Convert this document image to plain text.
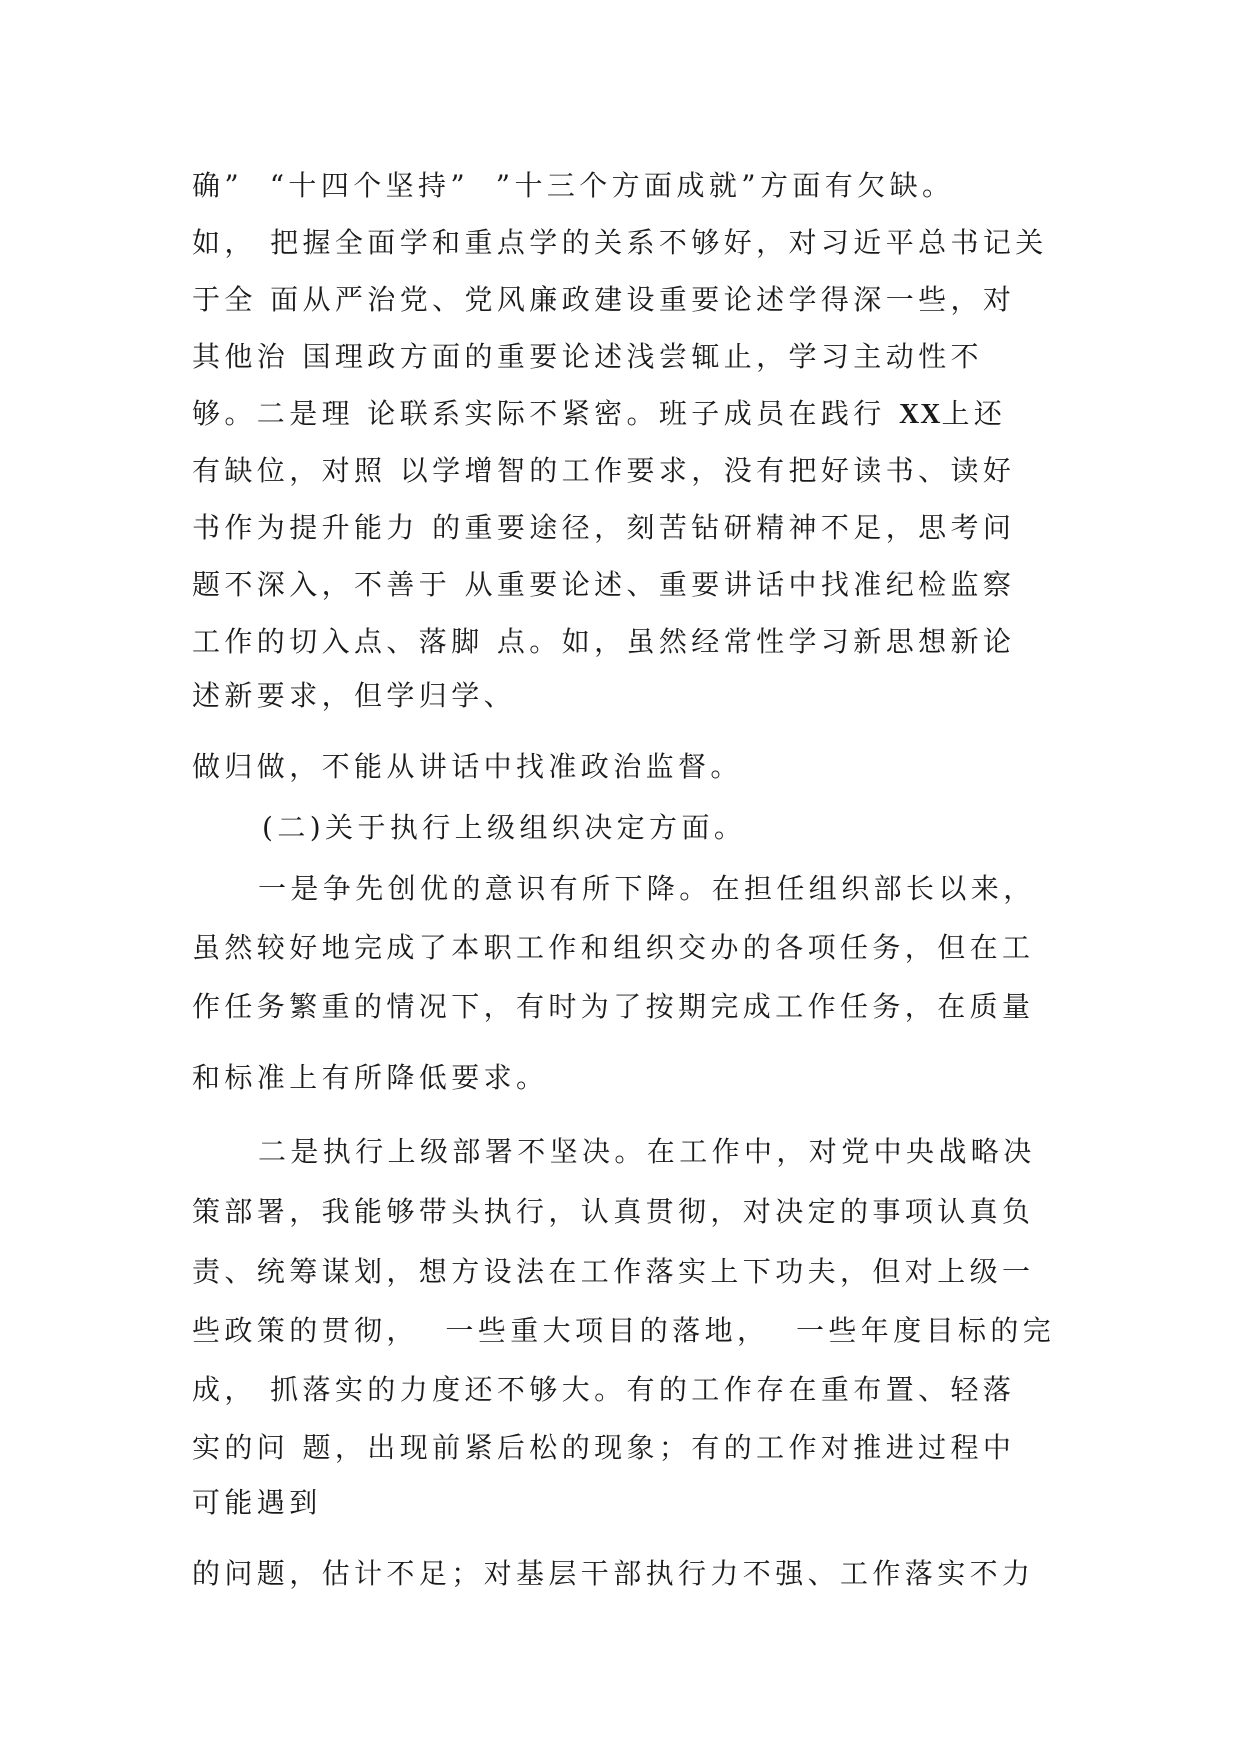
确”  “十四个坚持”  ”十三个方面成就”方面有欠缺。
如， 把握全面学和重点学的关系不够好，对习近平总书记关
于全 面从严治党、党风廉政建设重要论述学得深一些，对
其他治 国理政方面的重要论述浅尝辄止，学习主动性不
够。二是理 论联系实际不紧密。班子成员在践行 XX上还
有缺位，对照 以学增智的工作要求，没有把好读书、读好
书作为提升能力 的重要途径，刻苦钻研精神不足，思考问
题不深入，不善于 从重要论述、重要讲话中找准纪检监察
工作的切入点、落脚 点。如，虽然经常性学习新思想新论
述新要求，但学归学、
做归做，不能从讲话中找准政治监督。
(二)关于执行上级组织决定方面。
一是争先创优的意识有所下降。在担任组织部长以来，
虽然较好地完成了本职工作和组织交办的各项任务，但在工
作任务繁重的情况下，有时为了按期完成工作任务，在质量
和标准上有所降低要求。
二是执行上级部署不坚决。在工作中，对党中央战略决
策部署，我能够带头执行，认真贯彻，对决定的事项认真负
责、统筹谋划，想方设法在工作落实上下功夫，但对上级一
些政策的贯彻，  一些重大项目的落地，  一些年度目标的完
成， 抓落实的力度还不够大。有的工作存在重布置、轻落
实的问 题，出现前紧后松的现象；有的工作对推进过程中
可能遇到
的问题，估计不足；对基层干部执行力不强、工作落实不力
